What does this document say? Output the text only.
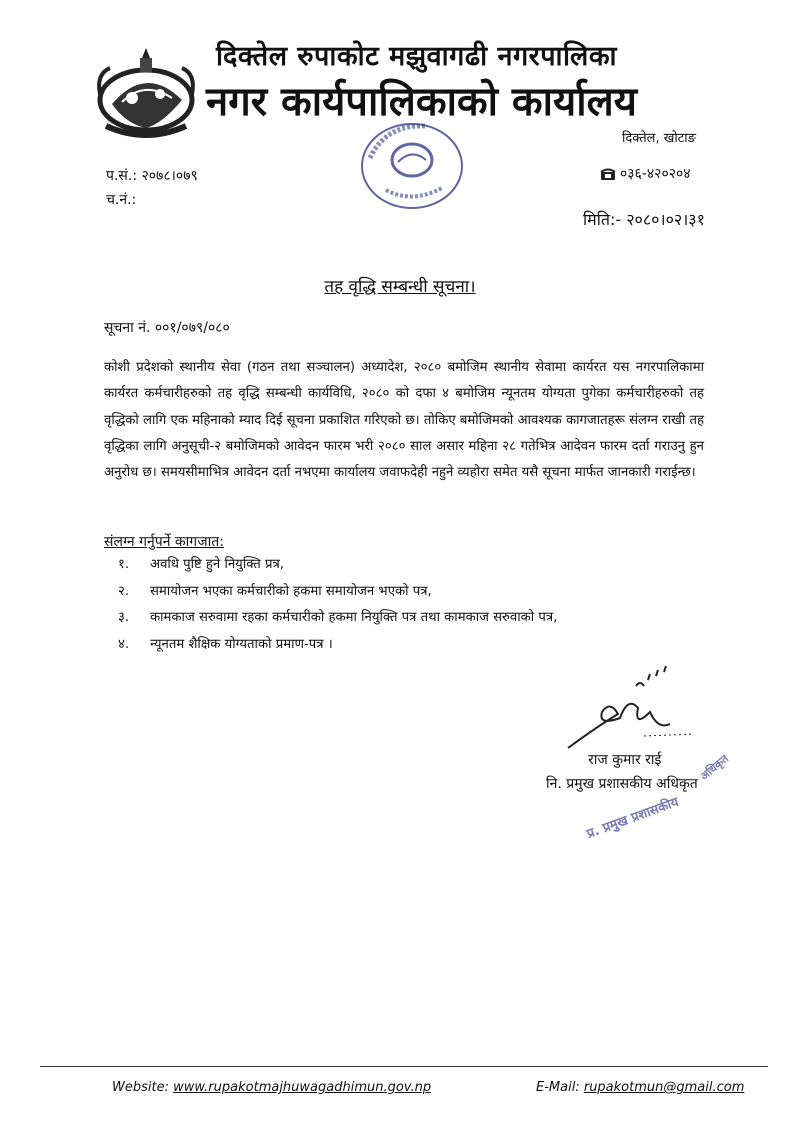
दिक्तेल रुपाकोट मझुवागढी नगरपालिका
नगर कार्यपालिकाको कार्यालय
दिक्तेल, खोटाङ
प.सं.: २०७८।०७९
च.नं.:
०३६-४२०२०४
मिति:- २०८०।०२।३१
तह वृद्धि सम्बन्धी सूचना।
सूचना नं. ००१/०७९/०८०
कोशी प्रदेशको स्थानीय सेवा (गठन तथा सञ्चालन) अध्यादेश, २०८० बमोजिम स्थानीय सेवामा कार्यरत यस नगरपालिकामा कार्यरत कर्मचारीहरुको तह वृद्धि सम्बन्धी कार्यविधि, २०८० को दफा ४ बमोजिम न्यूनतम योग्यता पुगेका कर्मचारीहरुको तह वृद्धिको लागि एक महिनाको म्याद दिई सूचना प्रकाशित गरिएको छ। तोकिए बमोजिमको आवश्यक कागजातहरू संलग्न राखी तह वृद्धिका लागि अनुसूची-२ बमोजिमको आवेदन फारम भरी २०८० साल असार महिना २८ गतेभित्र आदेवन फारम दर्ता गराउनु हुन अनुरोध छ। समयसीमाभित्र आवेदन दर्ता नभएमा कार्यालय जवाफदेही नहुने व्यहोरा समेत यसै सूचना मार्फत जानकारी गराईन्छ।
संलग्न गर्नुपर्ने कागजात:
१. अवधि पुष्टि हुने नियुक्ति प्रत्र,
२. समायोजन भएका कर्मचारीको हकमा समायोजन भएको पत्र,
३. कामकाज सरुवामा रहका कर्मचारीको हकमा नियुक्ति पत्र तथा कामकाज सरुवाको पत्र,
४. न्यूनतम शैक्षिक योग्यताको प्रमाण-पत्र ।
प्र. प्रमुख प्रशासकीय
अधिकृत
राज कुमार राई
नि. प्रमुख प्रशासकीय अधिकृत
Website: www.rupakotmajhuwagadhimun.gov.np	E-Mail: rupakotmun@gmail.com
